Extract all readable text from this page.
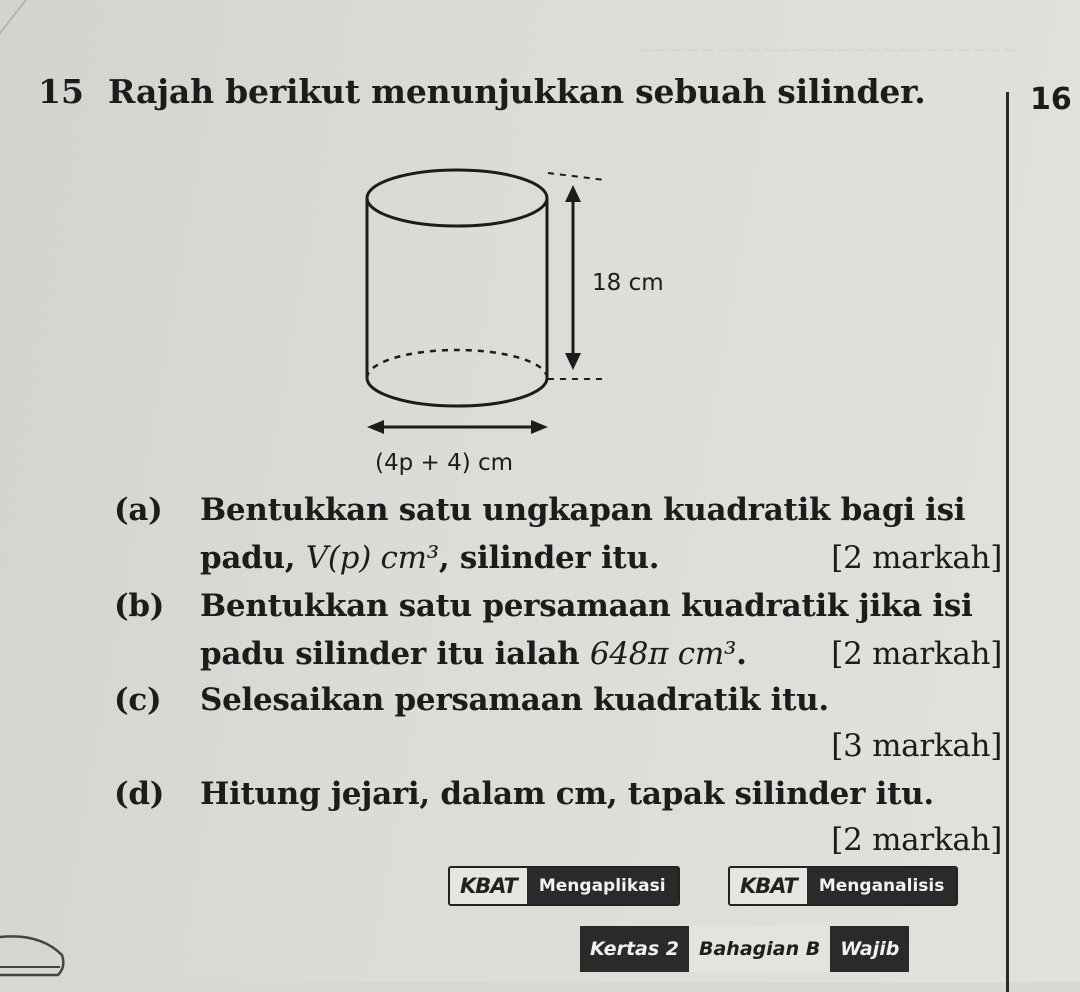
~~~~~~~~~~~~~~~~~~~~~~~~~
15 Rajah berikut menunjukkan sebuah silinder.	16
18 cm
(4p + 4) cm
(a) Bentukkan satu ungkapan kuadratik bagi isi
padu, V(p) cm³, silinder itu.	[2 markah]
(b) Bentukkan satu persamaan kuadratik jika isi
padu silinder itu ialah 648π cm³.	[2 markah]
(c) Selesaikan persamaan kuadratik itu.
[3 markah]
(d) Hitung jejari, dalam cm, tapak silinder itu.
[2 markah]
KBAT	Mengaplikasi	KBAT	Menganalisis
Kertas 2	Bahagian B	Wajib
